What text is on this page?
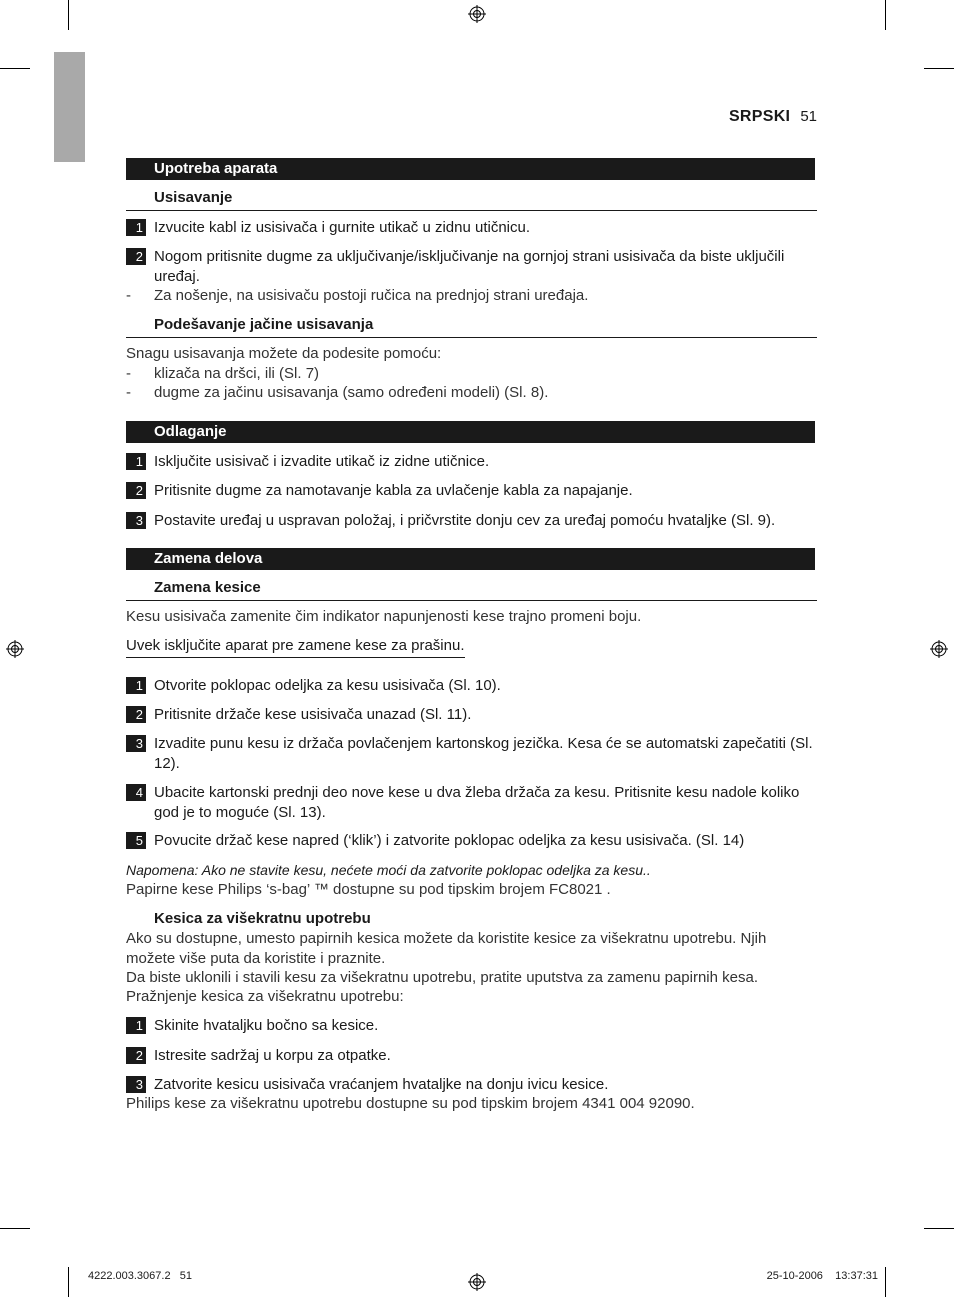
SRPSKI 51
Upotreba aparata
Usisavanje
1 Izvucite kabl iz usisivača i gurnite utikač u zidnu utičnicu.
2 Nogom pritisnite dugme za uključivanje/isključivanje na gornjoj strani usisivača da biste uključili uređaj.
- Za nošenje, na usisivaču postoji ručica na prednjoj strani uređaja.
Podešavanje jačine usisavanja
Snagu usisavanja možete da podesite pomoću:
- klizača na dršci, ili (Sl. 7)
- dugme za jačinu usisavanja (samo određeni modeli) (Sl. 8).
Odlaganje
1 Isključite usisivač i izvadite utikač iz zidne utičnice.
2 Pritisnite dugme za namotavanje kabla za uvlačenje kabla za napajanje.
3 Postavite uređaj u uspravan položaj, i pričvrstite donju cev za uređaj pomoću hvataljke (Sl. 9).
Zamena delova
Zamena kesice
Kesu usisivača zamenite čim indikator napunjenosti kese trajno promeni boju.
Uvek isključite aparat pre zamene kese za prašinu.
1 Otvorite poklopac odeljka za kesu usisivača (Sl. 10).
2 Pritisnite držače kese usisivača unazad (Sl. 11).
3 Izvadite punu kesu iz držača povlačenjem kartonskog jezička. Kesa će se automatski zapečatiti (Sl. 12).
4 Ubacite kartonski prednji deo nove kese u dva žleba držača za kesu. Pritisnite kesu nadole koliko god je to moguće (Sl. 13).
5 Povucite držač kese napred (‘klik’) i zatvorite poklopac odeljka za kesu usisivača. (Sl. 14)
Napomena: Ako ne stavite kesu, nećete moći da zatvorite poklopac odeljka za kesu..
Papirne kese Philips ‘s-bag’ ™ dostupne su pod tipskim brojem FC8021 .
Kesica za višekratnu upotrebu
Ako su dostupne, umesto papirnih kesica možete da koristite kesice za višekratnu upotrebu. Njih možete više puta da koristite i praznite.
Da biste uklonili i stavili kesu za višekratnu upotrebu, pratite uputstva za zamenu papirnih kesa.
Pražnjenje kesica za višekratnu upotrebu:
1 Skinite hvataljku bočno sa kesice.
2 Istresite sadržaj u korpu za otpatke.
3 Zatvorite kesicu usisivača vraćanjem hvataljke na donju ivicu kesice.
Philips kese za višekratnu upotrebu dostupne su pod tipskim brojem 4341 004 92090.
4222.003.3067.2 51	25-10-2006 13:37:31
